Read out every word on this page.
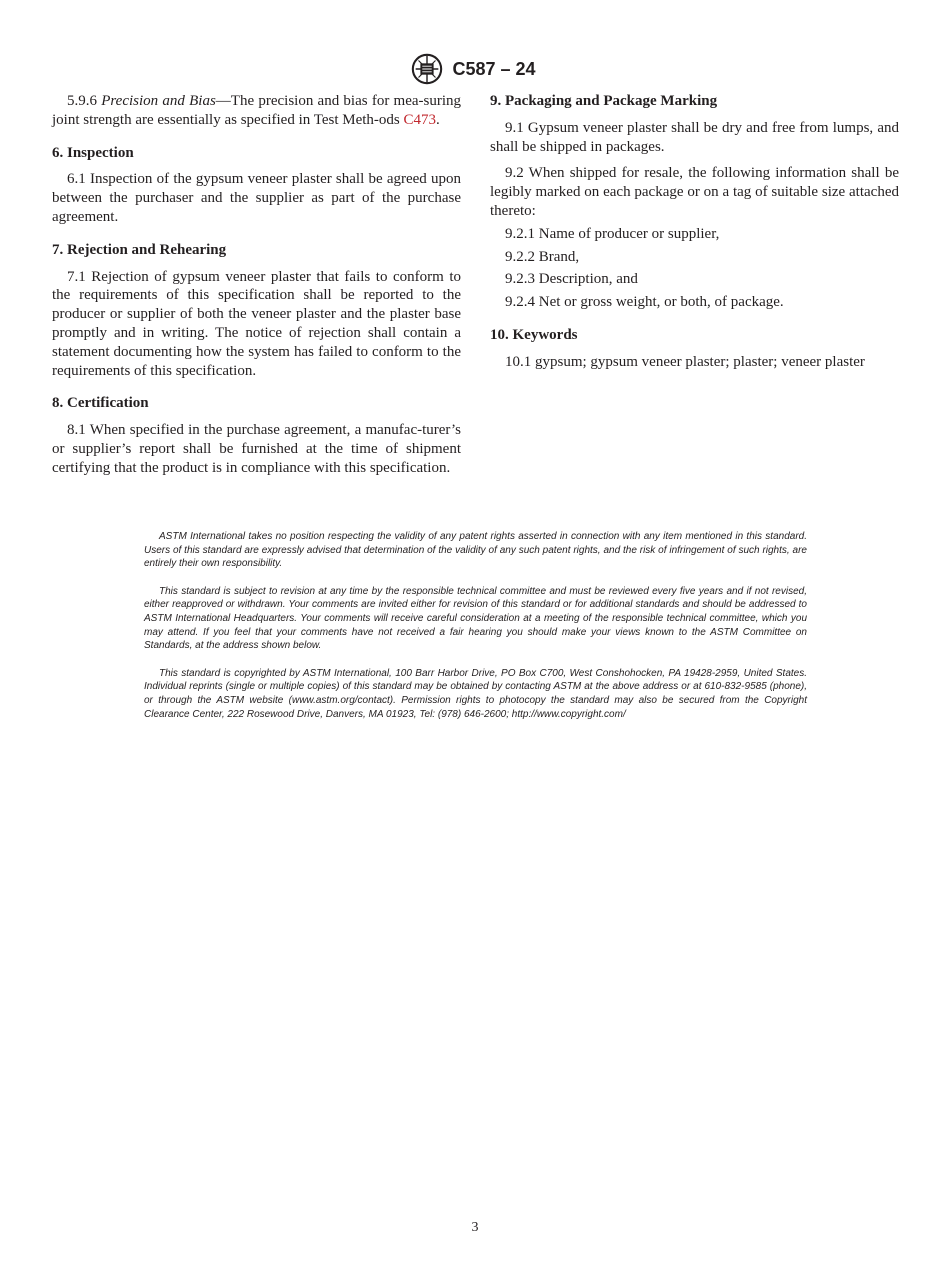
C587 – 24

5.9.6 Precision and Bias—The precision and bias for mea-suring joint strength are essentially as specified in Test Meth-ods C473.

6. Inspection

6.1 Inspection of the gypsum veneer plaster shall be agreed upon between the purchaser and the supplier as part of the purchase agreement.

7. Rejection and Rehearing

7.1 Rejection of gypsum veneer plaster that fails to conform to the requirements of this specification shall be reported to the producer or supplier of both the veneer plaster and the plaster base promptly and in writing. The notice of rejection shall contain a statement documenting how the system has failed to conform to the requirements of this specification.

8. Certification

8.1 When specified in the purchase agreement, a manufac-turer’s or supplier’s report shall be furnished at the time of shipment certifying that the product is in compliance with this specification.

9. Packaging and Package Marking

9.1 Gypsum veneer plaster shall be dry and free from lumps, and shall be shipped in packages.

9.2 When shipped for resale, the following information shall be legibly marked on each package or on a tag of suitable size attached thereto:

9.2.1 Name of producer or supplier,

9.2.2 Brand,

9.2.3 Description, and

9.2.4 Net or gross weight, or both, of package.

10. Keywords

10.1 gypsum; gypsum veneer plaster; plaster; veneer plaster

ASTM International takes no position respecting the validity of any patent rights asserted in connection with any item mentioned in this standard. Users of this standard are expressly advised that determination of the validity of any such patent rights, and the risk of infringement of such rights, are entirely their own responsibility.

This standard is subject to revision at any time by the responsible technical committee and must be reviewed every five years and if not revised, either reapproved or withdrawn. Your comments are invited either for revision of this standard or for additional standards and should be addressed to ASTM International Headquarters. Your comments will receive careful consideration at a meeting of the responsible technical committee, which you may attend. If you feel that your comments have not received a fair hearing you should make your views known to the ASTM Committee on Standards, at the address shown below.

This standard is copyrighted by ASTM International, 100 Barr Harbor Drive, PO Box C700, West Conshohocken, PA 19428-2959, United States. Individual reprints (single or multiple copies) of this standard may be obtained by contacting ASTM at the above address or at 610-832-9585 (phone), or through the ASTM website (www.astm.org/contact). Permission rights to photocopy the standard may also be secured from the Copyright Clearance Center, 222 Rosewood Drive, Danvers, MA 01923, Tel: (978) 646-2600; http://www.copyright.com/

3
